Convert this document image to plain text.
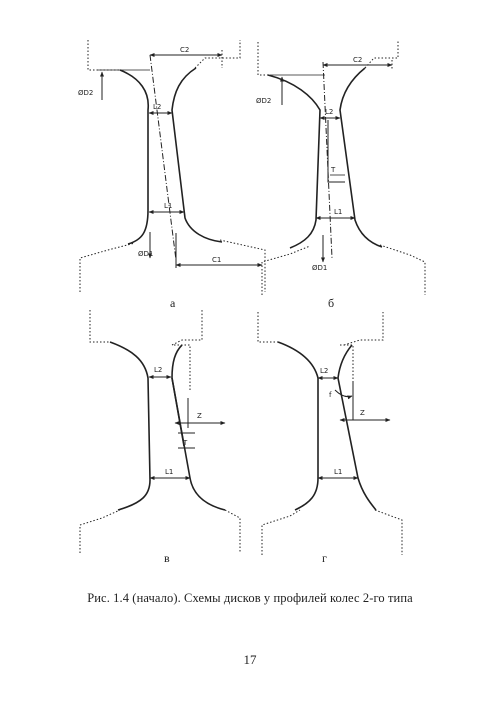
C2
ØD2
L2
L1
ØD1
C1
а
C2
ØD2
L2
T
L1
ØD1
б
L2
Z
T
L1
в
L2
f
Z
L1
г
Рис. 1.4 (начало). Схемы дисков у профилей колес 2-го типа
17
